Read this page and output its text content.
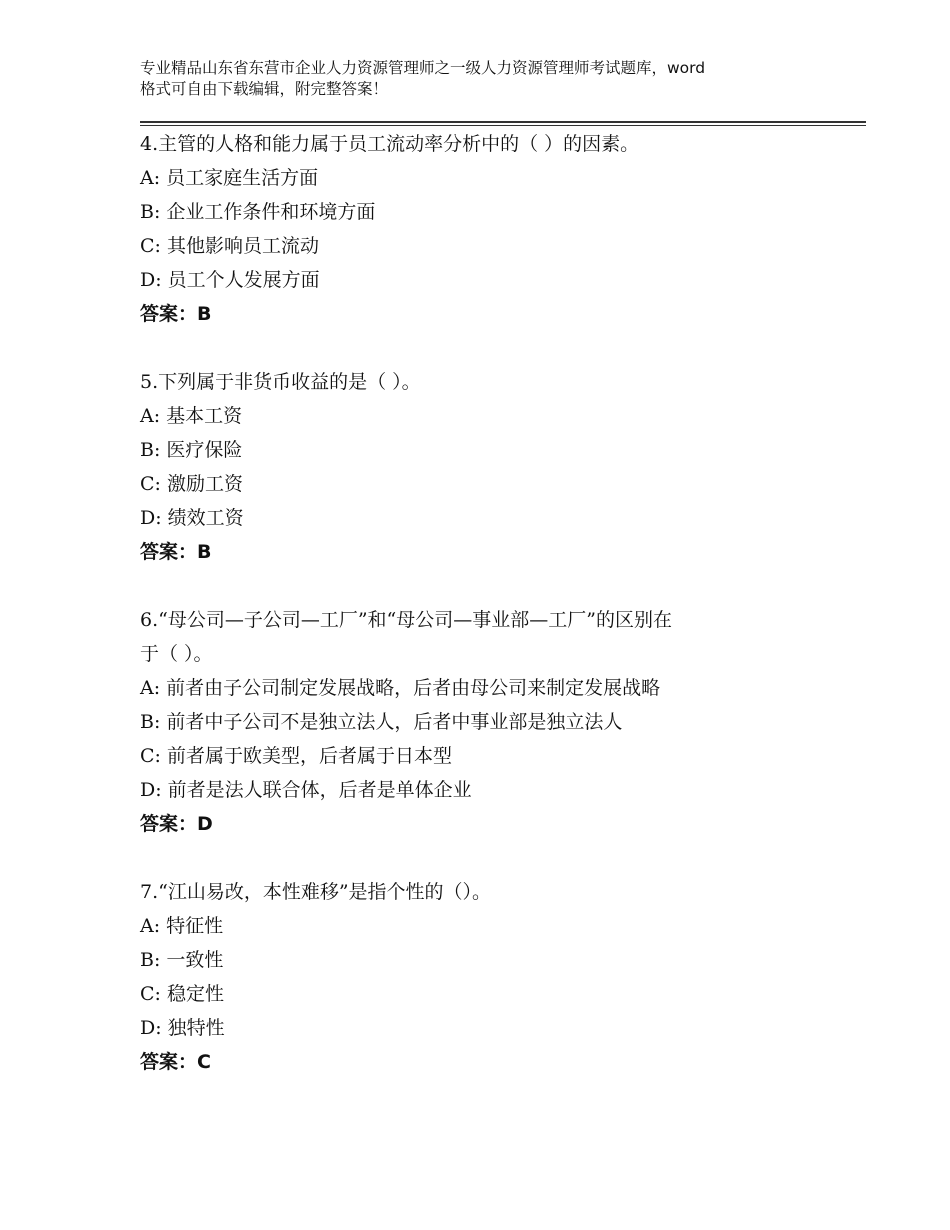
专业精品山东省东营市企业人力资源管理师之一级人力资源管理师考试题库，word
格式可自由下载编辑，附完整答案！

4.主管的人格和能力属于员工流动率分析中的（ ）的因素。

A: 员工家庭生活方面

B: 企业工作条件和环境方面

C: 其他影响员工流动

D: 员工个人发展方面

答案：B

5.下列属于非货币收益的是（ ）。

A: 基本工资

B: 医疗保险

C: 激励工资

D: 绩效工资

答案：B

6.“母公司—子公司—工厂”和“母公司—事业部—工厂”的区别在

于（ ）。

A: 前者由子公司制定发展战略，后者由母公司来制定发展战略

B: 前者中子公司不是独立法人，后者中事业部是独立法人

C: 前者属于欧美型，后者属于日本型

D: 前者是法人联合体，后者是单体企业

答案：D

7.“江山易改，本性难移”是指个性的（）。

A: 特征性

B: 一致性

C: 稳定性

D: 独特性

答案：C
